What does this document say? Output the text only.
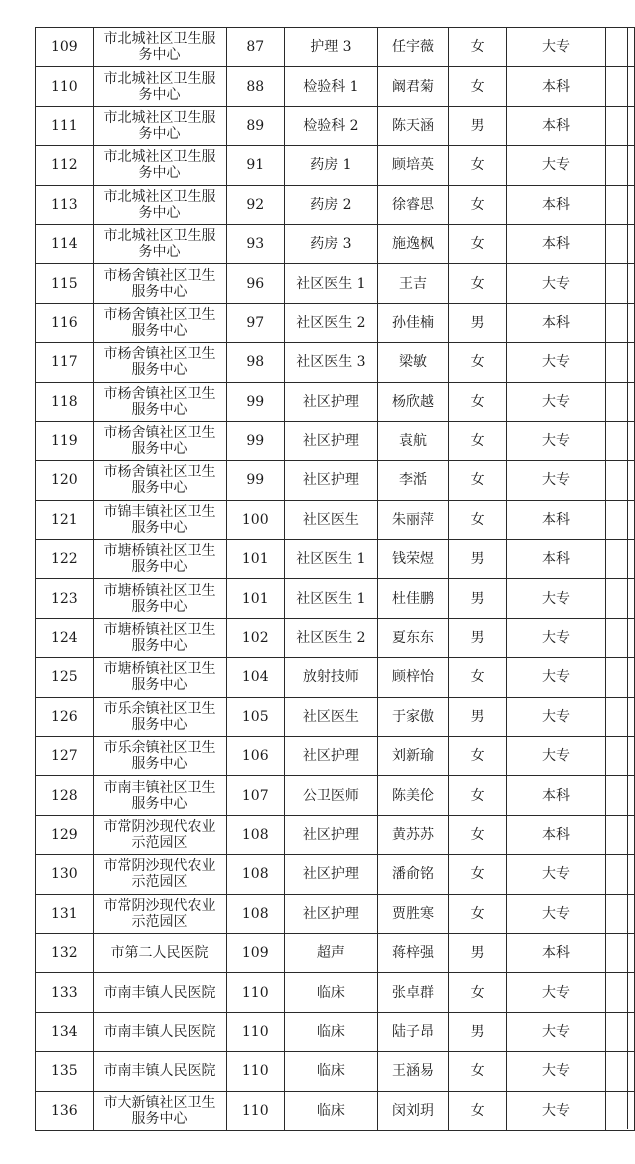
109	市北城社区卫生服务中心	87	护理 3	任宇薇	女	大专	
110	市北城社区卫生服务中心	88	检验科 1	阚君菊	女	本科	
111	市北城社区卫生服务中心	89	检验科 2	陈天涵	男	本科	
112	市北城社区卫生服务中心	91	药房 1	顾培英	女	大专	
113	市北城社区卫生服务中心	92	药房 2	徐睿思	女	本科	
114	市北城社区卫生服务中心	93	药房 3	施逸枫	女	本科	
115	市杨舍镇社区卫生服务中心	96	社区医生 1	王吉	女	大专	
116	市杨舍镇社区卫生服务中心	97	社区医生 2	孙佳楠	男	本科	
117	市杨舍镇社区卫生服务中心	98	社区医生 3	梁敏	女	大专	
118	市杨舍镇社区卫生服务中心	99	社区护理	杨欣越	女	大专	
119	市杨舍镇社区卫生服务中心	99	社区护理	袁航	女	大专	
120	市杨舍镇社区卫生服务中心	99	社区护理	李湉	女	大专	
121	市锦丰镇社区卫生服务中心	100	社区医生	朱丽萍	女	本科	
122	市塘桥镇社区卫生服务中心	101	社区医生 1	钱荣煜	男	本科	
123	市塘桥镇社区卫生服务中心	101	社区医生 1	杜佳鹏	男	大专	
124	市塘桥镇社区卫生服务中心	102	社区医生 2	夏东东	男	大专	
125	市塘桥镇社区卫生服务中心	104	放射技师	顾梓怡	女	大专	
126	市乐余镇社区卫生服务中心	105	社区医生	于家傲	男	大专	
127	市乐余镇社区卫生服务中心	106	社区护理	刘新瑜	女	大专	
128	市南丰镇社区卫生服务中心	107	公卫医师	陈美伦	女	本科	
129	市常阴沙现代农业示范园区	108	社区护理	黄苏苏	女	本科	
130	市常阴沙现代农业示范园区	108	社区护理	潘俞铭	女	大专	
131	市常阴沙现代农业示范园区	108	社区护理	贾胜寒	女	大专	
132	市第二人民医院	109	超声	蒋梓强	男	本科	
133	市南丰镇人民医院	110	临床	张卓群	女	大专	
134	市南丰镇人民医院	110	临床	陆子昂	男	大专	
135	市南丰镇人民医院	110	临床	王涵易	女	大专	
136	市大新镇社区卫生服务中心	110	临床	闵刘玥	女	大专	
